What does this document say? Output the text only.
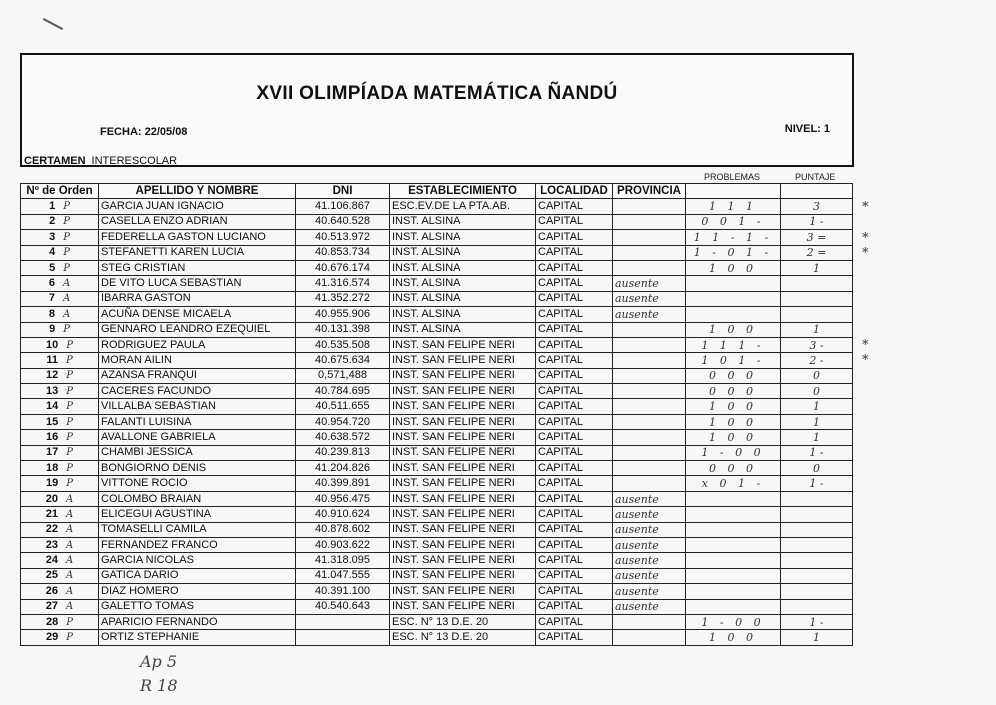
XVII OLIMPÍADA MATEMÁTICA ÑANDÚ
FECHA: 22/05/08	NIVEL: 1
CERTAMEN INTERESCOLAR
PROBLEMAS	PUNTAJE
Nº de Orden	APELLIDO Y NOMBRE	DNI	ESTABLECIMIENTO	LOCALIDAD	PROVINCIA		
1 P	GARCIA JUAN IGNACIO	41.106.867	ESC.EV.DE LA PTA.AB.	CAPITAL		1 1 1	3
2 P	CASELLA ENZO ADRIAN	40.640.528	INST. ALSINA	CAPITAL		0 0 1 -	1 -
3 P	FEDERELLA GASTON LUCIANO	40.513.972	INST. ALSINA	CAPITAL		1 1 - 1 -	3 =
4 P	STEFANETTI KAREN LUCIA	40.853.734	INST. ALSINA	CAPITAL		1 - 0 1 -	2 =
5 P	STEG CRISTIAN	40.676.174	INST. ALSINA	CAPITAL		1 0 0	1
6 A	DE VITO LUCA SEBASTIAN	41.316.574	INST. ALSINA	CAPITAL	ausente		
7 A	IBARRA GASTON	41.352.272	INST. ALSINA	CAPITAL	ausente		
8 A	ACUÑA DENSE MICAELA	40.955.906	INST. ALSINA	CAPITAL	ausente		
9 P	GENNARO LEANDRO EZEQUIEL	40.131.398	INST. ALSINA	CAPITAL		1 0 0	1
10 P	RODRIGUEZ PAULA	40.535.508	INST. SAN FELIPE NERI	CAPITAL		1 1 1 -	3 -
11 P	MORAN AILIN	40.675.634	INST. SAN FELIPE NERI	CAPITAL		1 0 1 -	2 -
12 P	AZANSA FRANQUI	0,571,488	INST. SAN FELIPE NERI	CAPITAL		0 0 0	0
13 P	CACERES FACUNDO	40.784.695	INST. SAN FELIPE NERI	CAPITAL		0 0 0	0
14 P	VILLALBA SEBASTIAN	40.511.655	INST. SAN FELIPE NERI	CAPITAL		1 0 0	1
15 P	FALANTI LUISINA	40.954.720	INST. SAN FELIPE NERI	CAPITAL		1 0 0	1
16 P	AVALLONE GABRIELA	40.638.572	INST. SAN FELIPE NERI	CAPITAL		1 0 0	1
17 P	CHAMBI JESSICA	40.239.813	INST. SAN FELIPE NERI	CAPITAL		1 - 0 0	1 -
18 P	BONGIORNO DENIS	41.204.826	INST. SAN FELIPE NERI	CAPITAL		0 0 0	0
19 P	VITTONE ROCIO	40.399.891	INST. SAN FELIPE NERI	CAPITAL		x 0 1 -	1 -
20 A	COLOMBO BRAIAN	40.956.475	INST. SAN FELIPE NERI	CAPITAL	ausente		
21 A	ELICEGUI AGUSTINA	40.910.624	INST. SAN FELIPE NERI	CAPITAL	ausente		
22 A	TOMASELLI CAMILA	40.878.602	INST. SAN FELIPE NERI	CAPITAL	ausente		
23 A	FERNANDEZ FRANCO	40.903.622	INST. SAN FELIPE NERI	CAPITAL	ausente		
24 A	GARCIA NICOLAS	41.318.095	INST. SAN FELIPE NERI	CAPITAL	ausente		
25 A	GATICA DARIO	41.047.555	INST. SAN FELIPE NERI	CAPITAL	ausente		
26 A	DIAZ HOMERO	40.391.100	INST. SAN FELIPE NERI	CAPITAL	ausente		
27 A	GALETTO TOMAS	40.540.643	INST. SAN FELIPE NERI	CAPITAL	ausente		
28 P	APARICIO FERNANDO		ESC. N° 13 D.E. 20	CAPITAL		1 - 0 0	1 -
29 P	ORTIZ STEPHANIE		ESC. N° 13 D.E. 20	CAPITAL		1 0 0	1
*
*
*
*
*
Ap 5
R 18
